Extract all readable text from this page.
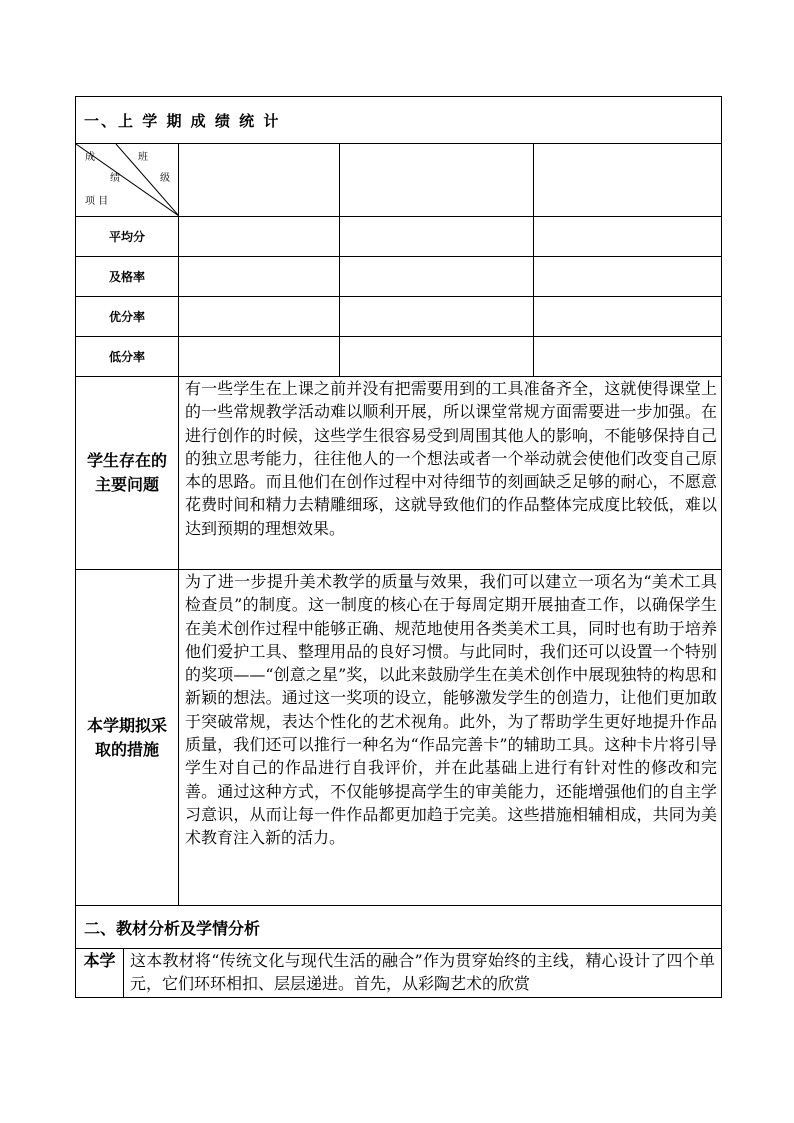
一、上 学 期 成 绩 统 计				

成 班
绩 级
项 目				

平均分				
及格率				
优分率				
低分率				
学生存在的主要问题		有一些学生在上课之前并没有把需要用到的工具准备齐全，这就使得课堂上的一些常规教学活动难以顺利开展，所以课堂常规方面需要进一步加强。在进行创作的时候，这些学生很容易受到周围其他人的影响，不能够保持自己的独立思考能力，往往他人的一个想法或者一个举动就会使他们改变自己原本的思路。而且他们在创作过程中对待细节的刻画缺乏足够的耐心，不愿意花费时间和精力去精雕细琢，这就导致他们的作品整体完成度比较低，难以达到预期的理想效果。		
本学期拟采取的措施		为了进一步提升美术教学的质量与效果，我们可以建立一项名为“美术工具检查员”的制度。这一制度的核心在于每周定期开展抽查工作，以确保学生在美术创作过程中能够正确、规范地使用各类美术工具，同时也有助于培养他们爱护工具、整理用品的良好习惯。与此同时，我们还可以设置一个特别的奖项——“创意之星”奖，以此来鼓励学生在美术创作中展现独特的构思和新颖的想法。通过这一奖项的设立，能够激发学生的创造力，让他们更加敢于突破常规，表达个性化的艺术视角。此外，为了帮助学生更好地提升作品质量，我们还可以推行一种名为“作品完善卡”的辅助工具。这种卡片将引导学生对自己的作品进行自我评价，并在此基础上进行有针对性的修改和完善。通过这种方式，不仅能够提高学生的审美能力，还能增强他们的自主学习意识，从而让每一件作品都更加趋于完美。这些措施相辅相成，共同为美术教育注入新的活力。		
二、教材分析及学情分析				
本学	这本教材将“传统文化与现代生活的融合”作为贯穿始终的主线，精心设计了四个单元，它们环环相扣、层层递进。首先，从彩陶艺术的欣赏			
